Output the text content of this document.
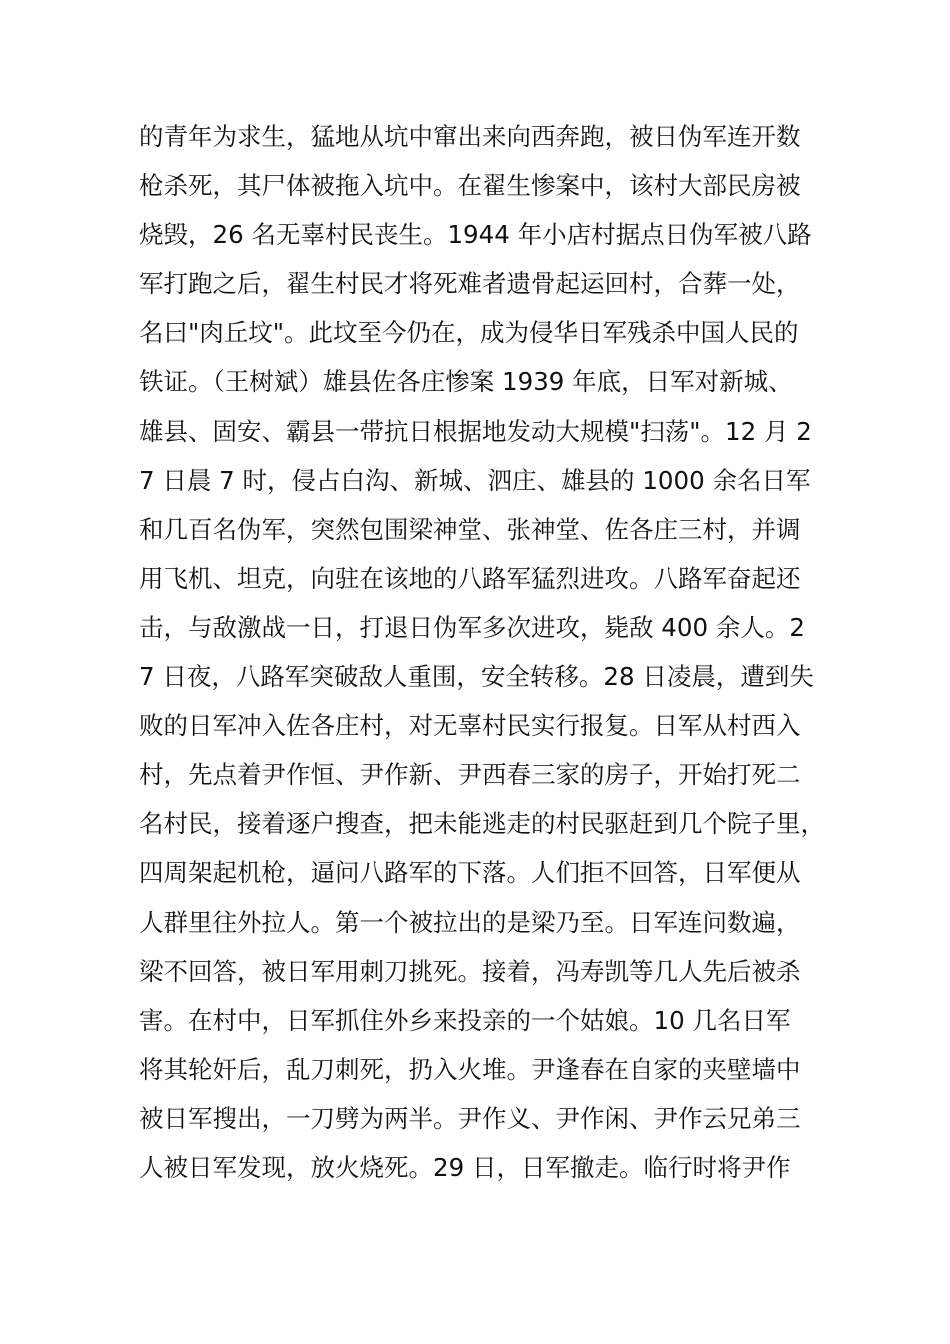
的青年为求生，猛地从坑中窜出来向西奔跑，被日伪军连开数
枪杀死，其尸体被拖入坑中。在翟生惨案中，该村大部民房被
烧毁，26 名无辜村民丧生。1944 年小店村据点日伪军被八路
军打跑之后，翟生村民才将死难者遗骨起运回村，合葬一处，
名曰"肉丘坟"。此坟至今仍在，成为侵华日军残杀中国人民的
铁证。（王树斌）雄县佐各庄惨案 1939 年底，日军对新城、
雄县、固安、霸县一带抗日根据地发动大规模"扫荡"。12 月 2
7 日晨 7 时，侵占白沟、新城、泗庄、雄县的 1000 余名日军
和几百名伪军，突然包围梁神堂、张神堂、佐各庄三村，并调
用飞机、坦克，向驻在该地的八路军猛烈进攻。八路军奋起还
击，与敌激战一日，打退日伪军多次进攻，毙敌 400 余人。2
7 日夜，八路军突破敌人重围，安全转移。28 日凌晨，遭到失
败的日军冲入佐各庄村，对无辜村民实行报复。日军从村西入
村，先点着尹作恒、尹作新、尹西春三家的房子，开始打死二
名村民，接着逐户搜查，把未能逃走的村民驱赶到几个院子里，
四周架起机枪，逼问八路军的下落。人们拒不回答，日军便从
人群里往外拉人。第一个被拉出的是梁乃至。日军连问数遍，
梁不回答，被日军用刺刀挑死。接着，冯寿凯等几人先后被杀
害。在村中，日军抓住外乡来投亲的一个姑娘。10 几名日军
将其轮奸后，乱刀刺死，扔入火堆。尹逢春在自家的夹壁墙中
被日军搜出，一刀劈为两半。尹作义、尹作闲、尹作云兄弟三
人被日军发现，放火烧死。29 日，日军撤走。临行时将尹作
